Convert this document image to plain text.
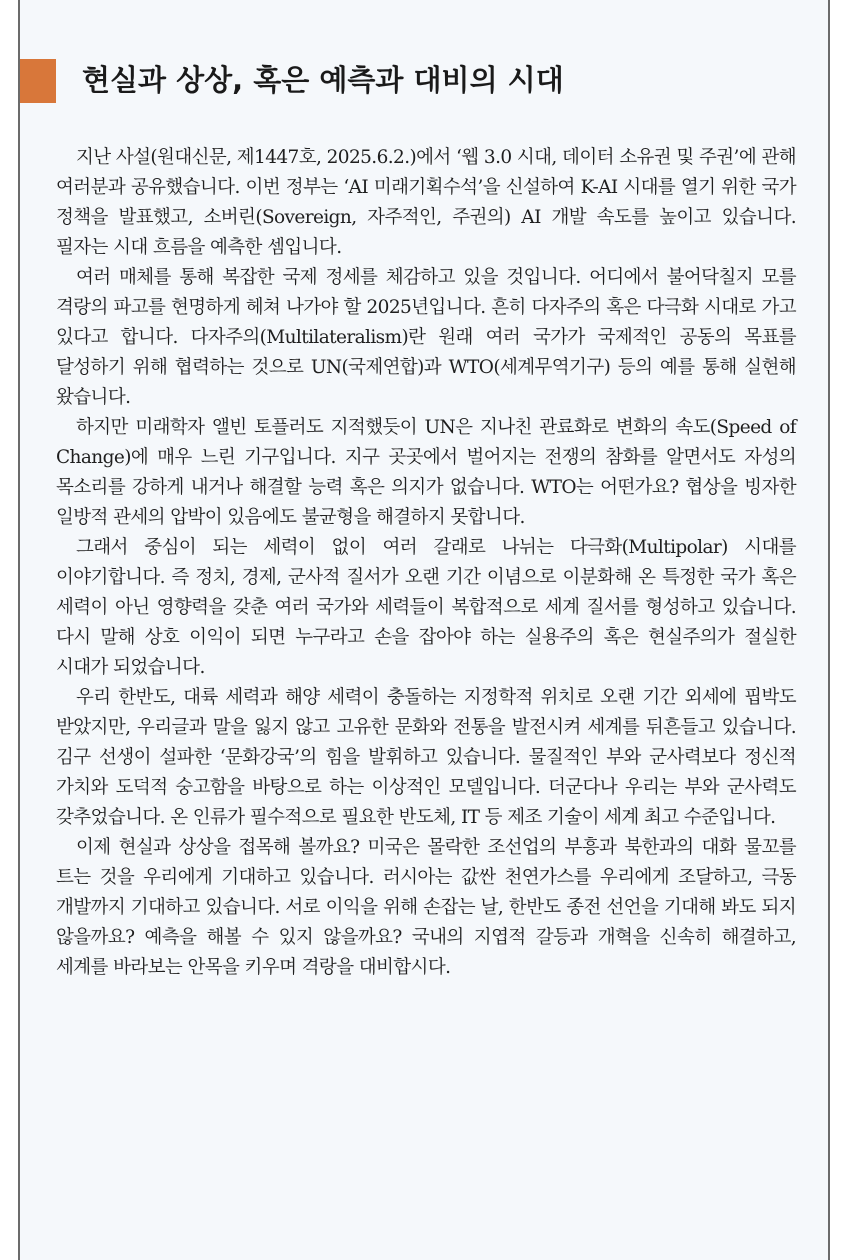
현실과 상상, 혹은 예측과 대비의 시대

지난 사설(원대신문, 제1447호, 2025.6.2.)에서 ‘웹 3.0 시대, 데이터 소유권 및 주권’에 관해 여러분과 공유했습니다. 이번 정부는 ‘AI 미래기획수석’을 신설하여 K-AI 시대를 열기 위한 국가 정책을 발표했고, 소버린(Sovereign, 자주적인, 주권의) AI 개발 속도를 높이고 있습니다. 필자는 시대 흐름을 예측한 셈입니다.

여러 매체를 통해 복잡한 국제 정세를 체감하고 있을 것입니다. 어디에서 불어닥칠지 모를 격랑의 파고를 현명하게 헤쳐 나가야 할 2025년입니다. 흔히 다자주의 혹은 다극화 시대로 가고 있다고 합니다. 다자주의(Multilateralism)란 원래 여러 국가가 국제적인 공동의 목표를 달성하기 위해 협력하는 것으로 UN(국제연합)과 WTO(세계무역기구) 등의 예를 통해 실현해 왔습니다.

하지만 미래학자 앨빈 토플러도 지적했듯이 UN은 지나친 관료화로 변화의 속도(Speed of Change)에 매우 느린 기구입니다. 지구 곳곳에서 벌어지는 전쟁의 참화를 알면서도 자성의 목소리를 강하게 내거나 해결할 능력 혹은 의지가 없습니다. WTO는 어떤가요? 협상을 빙자한 일방적 관세의 압박이 있음에도 불균형을 해결하지 못합니다.

그래서 중심이 되는 세력이 없이 여러 갈래로 나뉘는 다극화(Multipolar) 시대를 이야기합니다. 즉 정치, 경제, 군사적 질서가 오랜 기간 이념으로 이분화해 온 특정한 국가 혹은 세력이 아닌 영향력을 갖춘 여러 국가와 세력들이 복합적으로 세계 질서를 형성하고 있습니다. 다시 말해 상호 이익이 되면 누구라고 손을 잡아야 하는 실용주의 혹은 현실주의가 절실한 시대가 되었습니다.

우리 한반도, 대륙 세력과 해양 세력이 충돌하는 지정학적 위치로 오랜 기간 외세에 핍박도 받았지만, 우리글과 말을 잃지 않고 고유한 문화와 전통을 발전시켜 세계를 뒤흔들고 있습니다. 김구 선생이 설파한 ‘문화강국’의 힘을 발휘하고 있습니다. 물질적인 부와 군사력보다 정신적 가치와 도덕적 숭고함을 바탕으로 하는 이상적인 모델입니다. 더군다나 우리는 부와 군사력도 갖추었습니다. 온 인류가 필수적으로 필요한 반도체, IT 등 제조 기술이 세계 최고 수준입니다.

이제 현실과 상상을 접목해 볼까요? 미국은 몰락한 조선업의 부흥과 북한과의 대화 물꼬를 트는 것을 우리에게 기대하고 있습니다. 러시아는 값싼 천연가스를 우리에게 조달하고, 극동 개발까지 기대하고 있습니다. 서로 이익을 위해 손잡는 날, 한반도 종전 선언을 기대해 봐도 되지 않을까요? 예측을 해볼 수 있지 않을까요? 국내의 지엽적 갈등과 개혁을 신속히 해결하고, 세계를 바라보는 안목을 키우며 격랑을 대비합시다.
